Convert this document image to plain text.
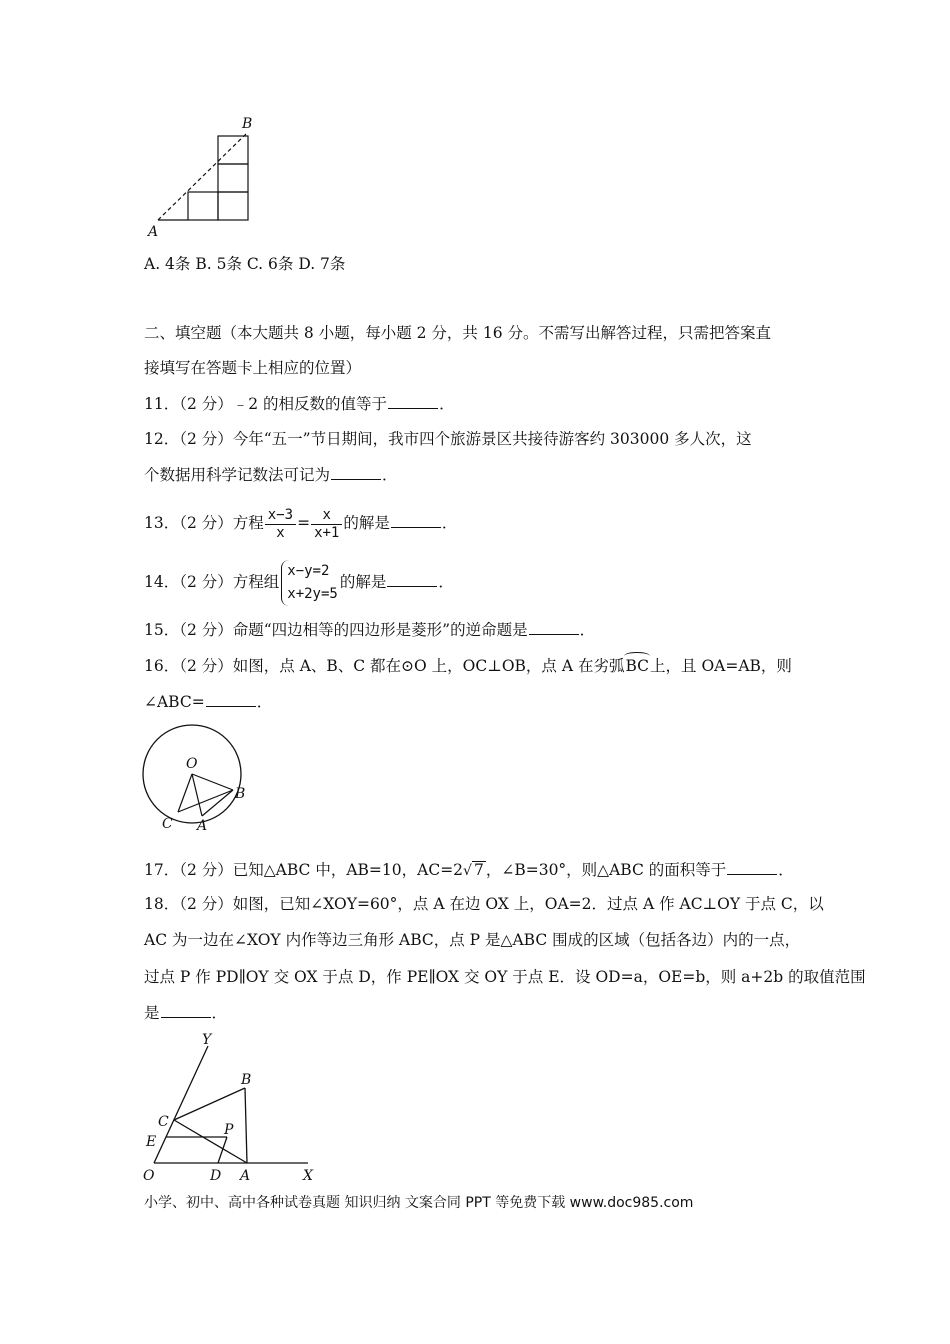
A
B
A. 4条 B. 5条 C. 6条 D. 7条
二、填空题（本大题共 8 小题，每小题 2 分，共 16 分。不需写出解答过程，只需把答案直
接填写在答题卡上相应的位置）
11．（2 分）﹣2 的相反数的值等于	．
12．（2 分）今年“五一”节日期间，我市四个旅游景区共接待游客约 303000 多人次，这
个数据用科学记数法可记为	．
13．（2 分）方程 $\frac{x-3}{x} = \frac{x}{x+1}$ 的解是	．
14．（2 分）方程组
x−y=2
x+2y=5
的解是	．
15．（2 分）命题“四边相等的四边形是菱形”的逆命题是	．
16．（2 分）如图，点 A、B、C 都在⊙O 上，OC⊥OB，点 A 在劣弧BC上，且 OA=AB，则
∠ABC=	．
O
B
C A
17．（2 分）已知△ABC 中，AB=10，AC=2√ 7 ，∠B=30°，则△ABC 的面积等于	．
18．（2 分）如图，已知∠XOY=60°，点 A 在边 OX 上，OA=2．过点 A 作 AC⊥OY 于点 C，以
AC 为一边在∠XOY 内作等边三角形 ABC，点 P 是△ABC 围成的区域（包括各边）内的一点，
过点 P 作 PD∥OY 交 OX 于点 D，作 PE∥OX 交 OY 于点 E．设 OD=a，OE=b，则 a+2b 的取值范围
是	．
Y
B
C
E
P
O	D A	X
小学、初中、高中各种试卷真题 知识归纳 文案合同 PPT 等免费下载 www.doc985.com
